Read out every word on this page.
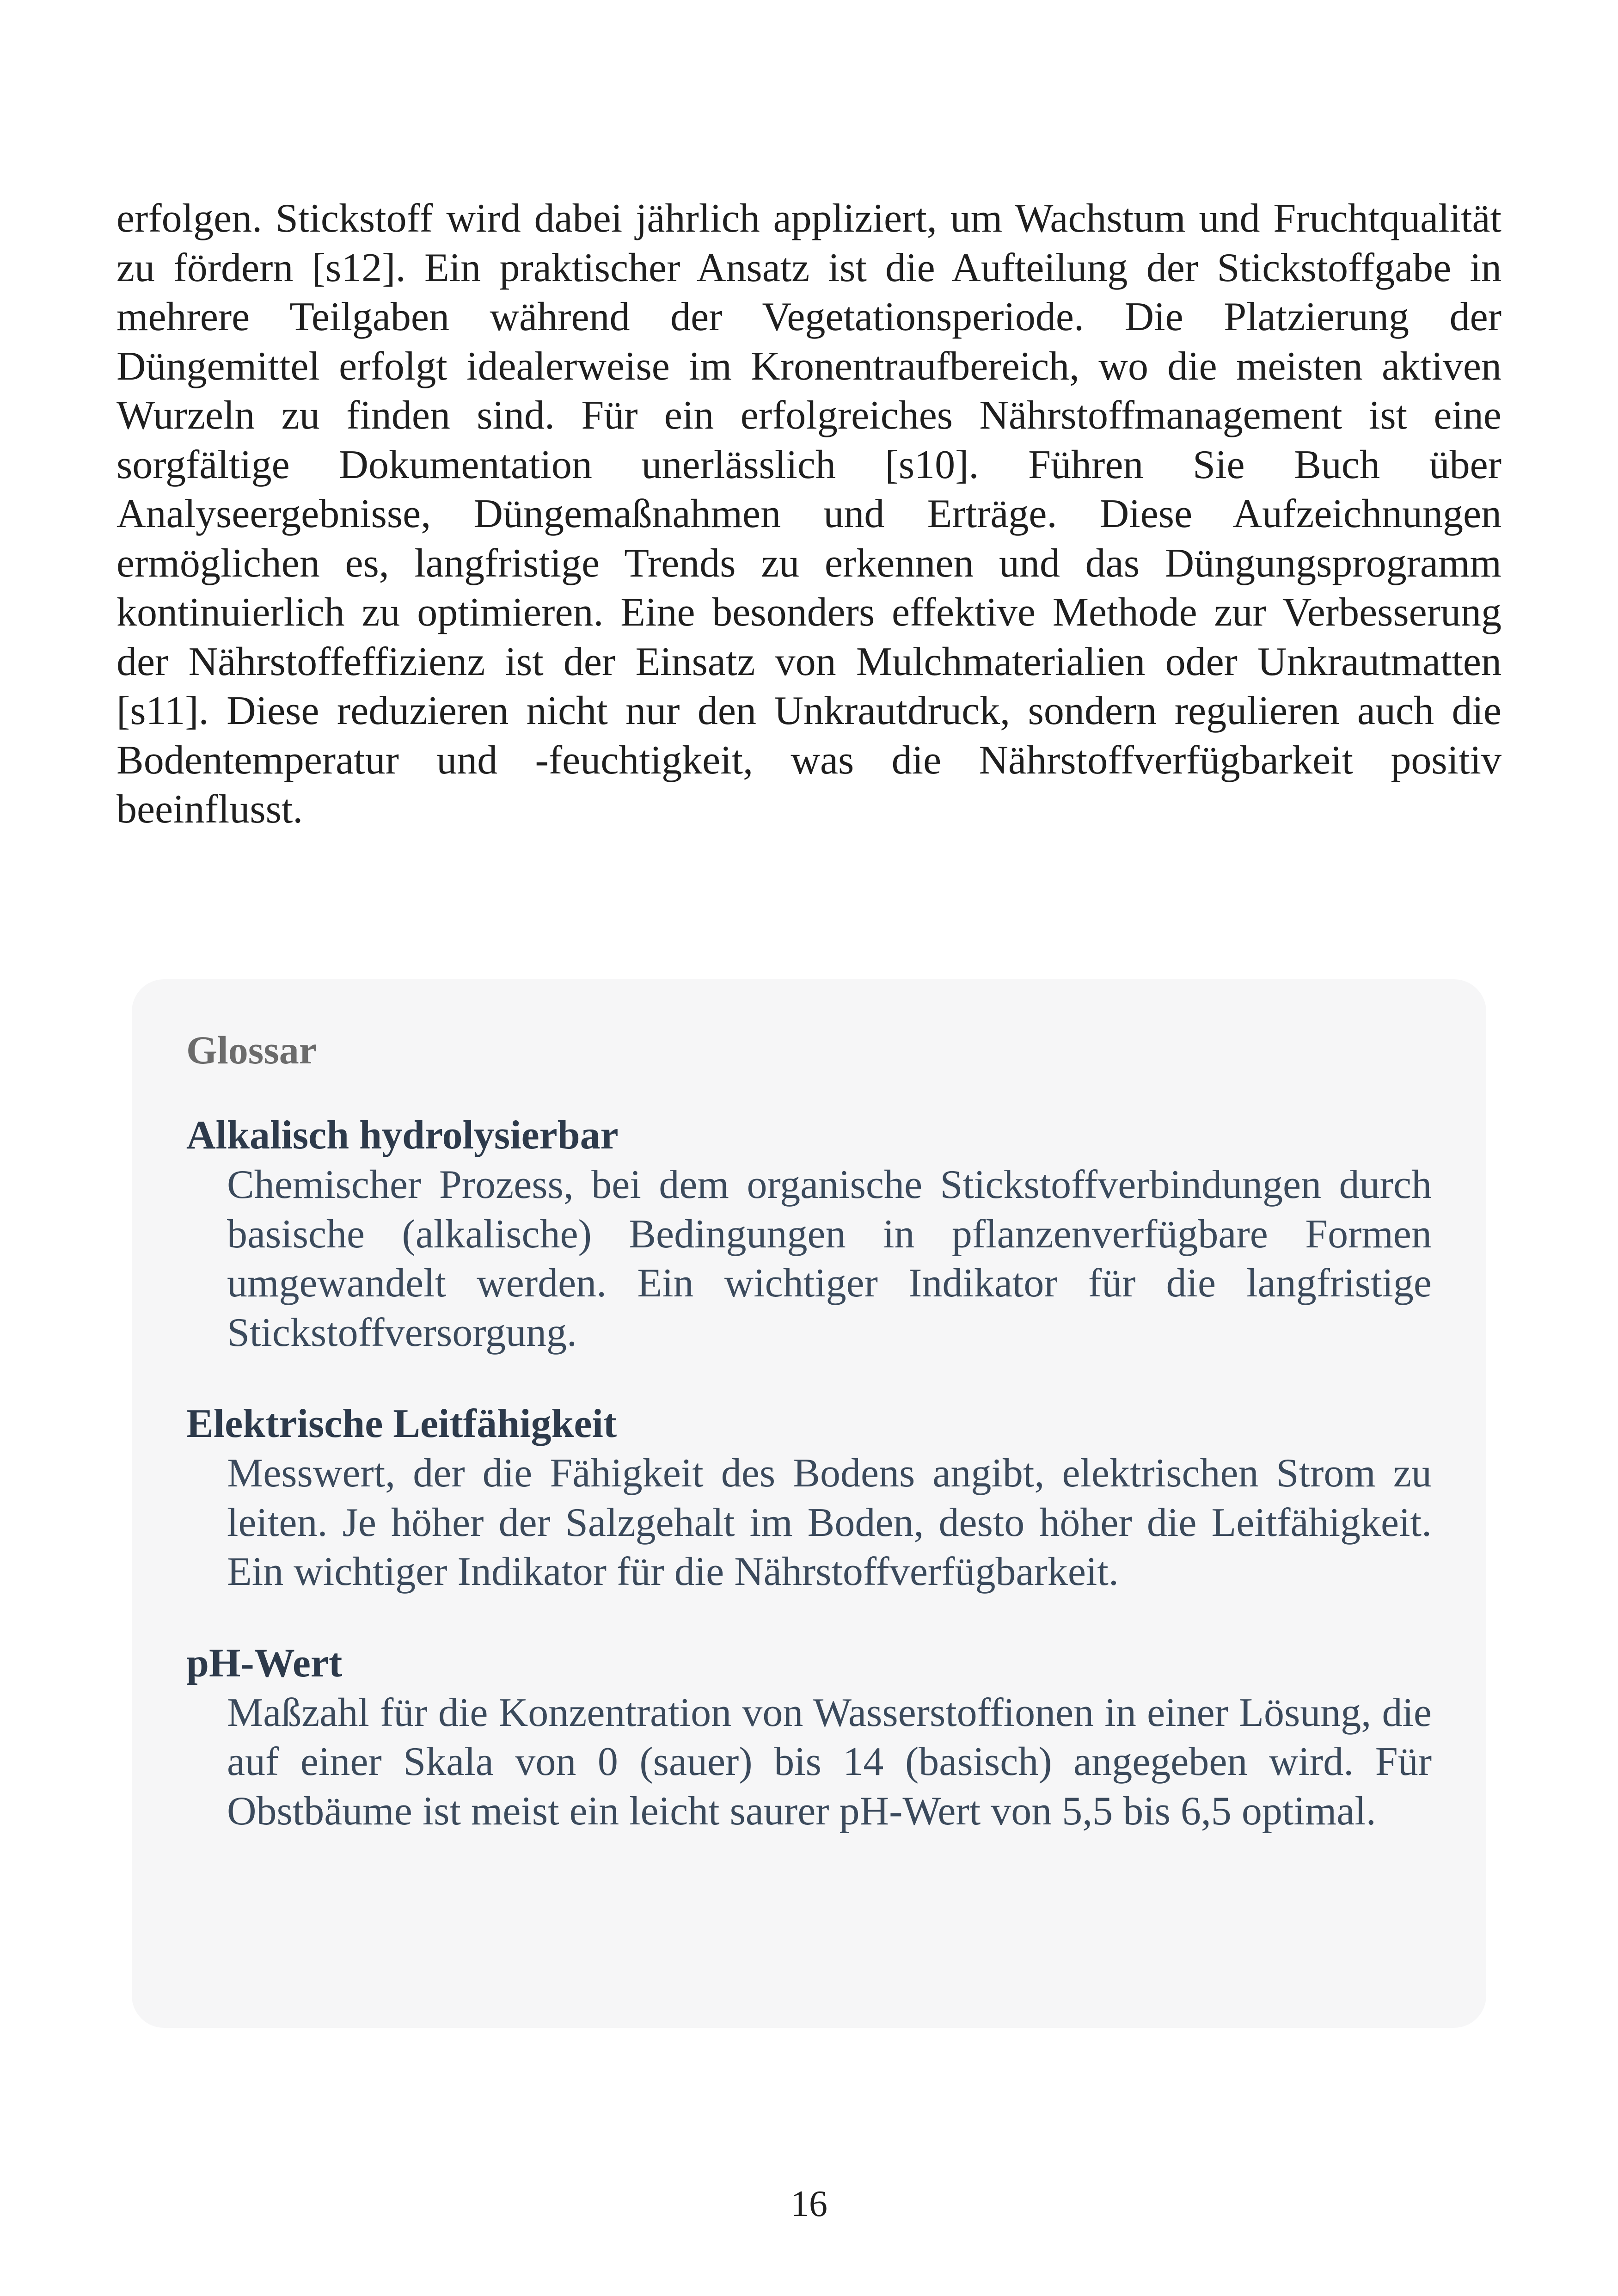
erfolgen. Stickstoff wird dabei jährlich appliziert, um Wachstum und Fruchtqualität zu fördern [s12]. Ein praktischer Ansatz ist die Aufteilung der Stickstoffgabe in mehrere Teilgaben während der Vegetationsperiode. Die Platzierung der Düngemittel erfolgt idealerweise im Kronentraufbereich, wo die meisten aktiven Wurzeln zu finden sind. Für ein erfolgreiches Nährstoffmanagement ist eine sorgfältige Dokumentation unerlässlich [s10]. Führen Sie Buch über Analyseergebnisse, Düngemaßnahmen und Erträge. Diese Aufzeichnungen ermöglichen es, langfristige Trends zu erkennen und das Düngungsprogramm kontinuierlich zu optimieren. Eine besonders effektive Methode zur Verbesserung der Nährstoffeffizienz ist der Einsatz von Mulchmaterialien oder Unkrautmatten [s11]. Diese reduzieren nicht nur den Unkrautdruck, sondern regulieren auch die Bodentemperatur und -feuchtigkeit, was die Nährstoffverfügbarkeit positiv beeinflusst.

Glossar
Alkalisch hydrolysierbar
Chemischer Prozess, bei dem organische Stickstoffverbindungen durch basische (alkalische) Bedingungen in pflanzenverfügbare Formen umgewandelt werden. Ein wichtiger Indikator für die langfristige Stickstoffversorgung.
Elektrische Leitfähigkeit
Messwert, der die Fähigkeit des Bodens angibt, elektrischen Strom zu leiten. Je höher der Salzgehalt im Boden, desto höher die Leitfähigkeit. Ein wichtiger Indikator für die Nährstoffverfügbarkeit.
pH-Wert
Maßzahl für die Konzentration von Wasserstoffionen in einer Lösung, die auf einer Skala von 0 (sauer) bis 14 (basisch) angegeben wird. Für Obstbäume ist meist ein leicht saurer pH-Wert von 5,5 bis 6,5 optimal.
16
